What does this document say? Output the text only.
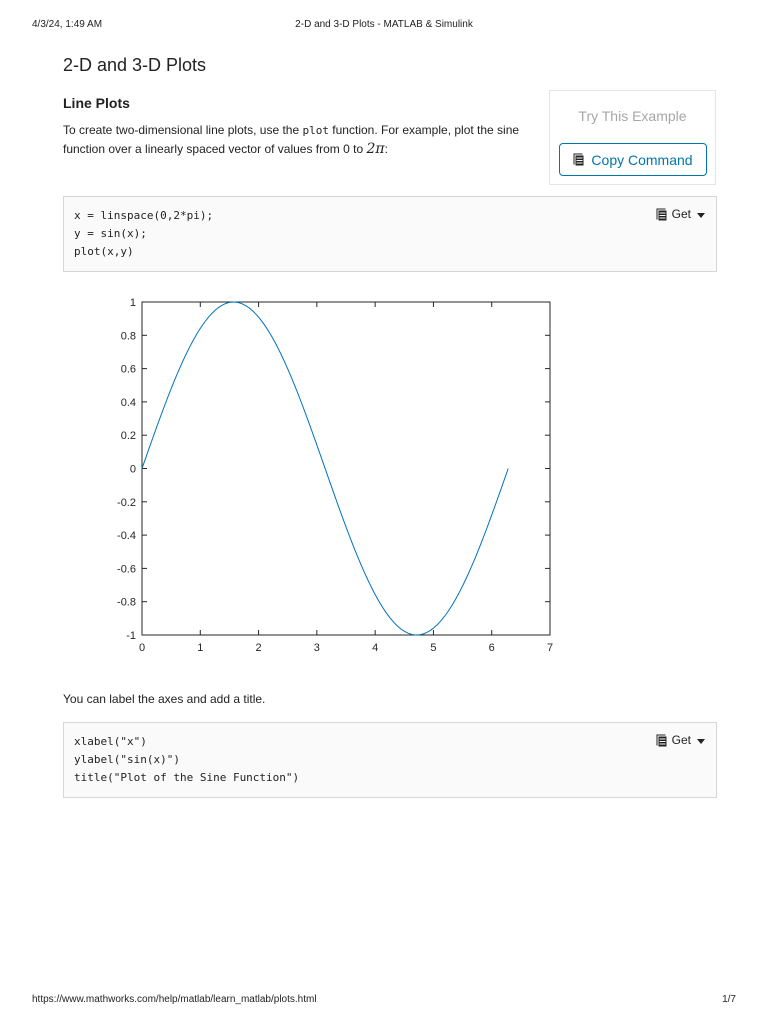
4/3/24, 1:49 AM	2-D and 3-D Plots - MATLAB & Simulink
2-D and 3-D Plots
Line Plots

To create two-dimensional line plots, use the plot function. For example, plot the sine function over a linearly spaced vector of values from 0 to 2π:

Try This Example
Copy Command
x = linspace(0,2*pi);
y = sin(x);
plot(x,y)
Get
0	1	2	3	4	5	6	7
-1
-0.8
-0.6
-0.4
-0.2
0
0.2
0.4
0.6
0.8
1

You can label the axes and add a title.

xlabel("x")
ylabel("sin(x)")
title("Plot of the Sine Function")
Get
https://www.mathworks.com/help/matlab/learn_matlab/plots.html	1/7
